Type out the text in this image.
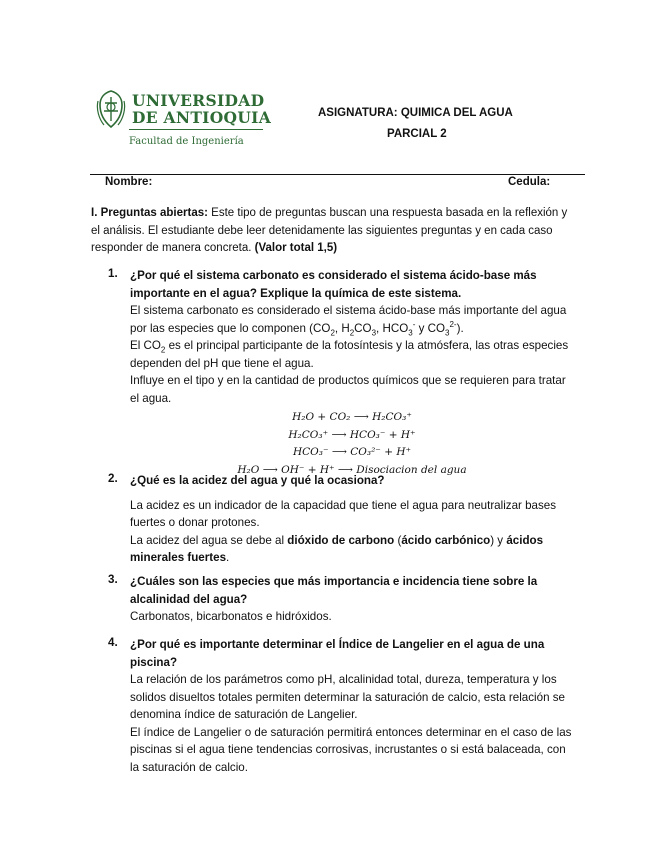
UNIVERSIDAD
DE ANTIOQUIA
Facultad de Ingeniería
ASIGNATURA: QUIMICA DEL AGUA
PARCIAL 2
Nombre:	Cedula:
I. Preguntas abiertas: Este tipo de preguntas buscan una respuesta basada en la reflexión y el análisis. El estudiante debe leer detenidamente las siguientes preguntas y en cada caso responder de manera concreta. (Valor total 1,5)
1. ¿Por qué el sistema carbonato es considerado el sistema ácido-base más importante en el agua? Explique la química de este sistema.
El sistema carbonato es considerado el sistema ácido-base más importante del agua por las especies que lo componen ($CO_2$, $H_2CO_3$, $HCO_3^-$ y $CO_3^{2-}$).
El $CO_2$ es el principal participante de la fotosíntesis y la atmósfera, las otras especies dependen del pH que tiene el agua.
Influye en el tipo y en la cantidad de productos químicos que se requieren para tratar el agua.
H₂O + CO₂ ⟶ H₂CO₃⁺
H₂CO₃⁺ ⟶ HCO₃⁻ + H⁺
HCO₃⁻ ⟶ CO₃²⁻ + H⁺
H₂O ⟶ OH⁻ + H⁺ ⟶ Disociacion del agua
2. ¿Qué es la acidez del agua y qué la ocasiona?
La acidez es un indicador de la capacidad que tiene el agua para neutralizar bases fuertes o donar protones.
La acidez del agua se debe al dióxido de carbono (ácido carbónico) y ácidos minerales fuertes.
3. ¿Cuáles son las especies que más importancia e incidencia tiene sobre la alcalinidad del agua?
Carbonatos, bicarbonatos e hidróxidos.
4. ¿Por qué es importante determinar el Índice de Langelier en el agua de una piscina?
La relación de los parámetros como pH, alcalinidad total, dureza, temperatura y los solidos disueltos totales permiten determinar la saturación de calcio, esta relación se denomina índice de saturación de Langelier.
El índice de Langelier o de saturación permitirá entonces determinar en el caso de las piscinas si el agua tiene tendencias corrosivas, incrustantes o si está balaceada, con la saturación de calcio.
